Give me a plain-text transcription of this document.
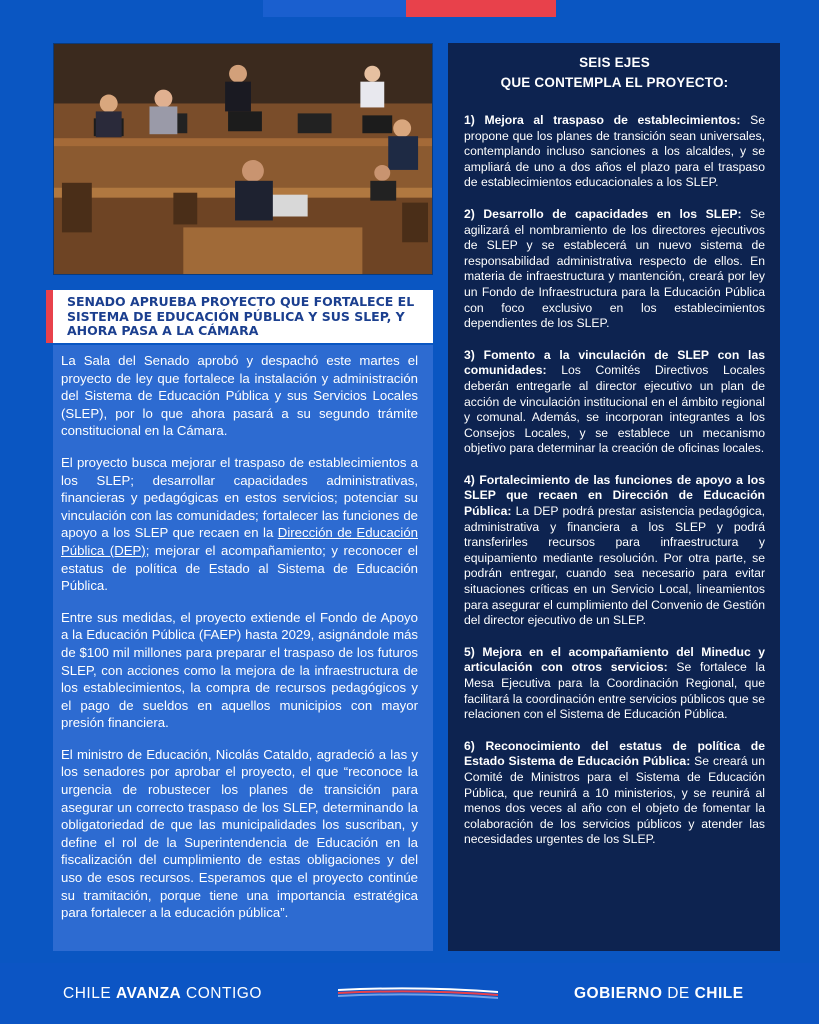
SENADO APRUEBA PROYECTO QUE FORTALECE EL SISTEMA DE EDUCACIÓN PÚBLICA Y SUS SLEP, Y AHORA PASA A LA CÁMARA

La Sala del Senado aprobó y despachó este martes el proyecto de ley que fortalece la instalación y administración del Sistema de Educación Pública y sus Servicios Locales (SLEP), por lo que ahora pasará a su segundo trámite constitucional en la Cámara.

El proyecto busca mejorar el traspaso de establecimientos a los SLEP; desarrollar capacidades administrativas, financieras y pedagógicas en estos servicios; potenciar su vinculación con las comunidades; fortalecer las funciones de apoyo a los SLEP que recaen en la Dirección de Educación Pública (DEP); mejorar el acompañamiento; y reconocer el estatus de política de Estado al Sistema de Educación Pública.

Entre sus medidas, el proyecto extiende el Fondo de Apoyo a la Educación Pública (FAEP) hasta 2029, asignándole más de $100 mil millones para preparar el traspaso de los futuros SLEP, con acciones como la mejora de la infraestructura de los establecimientos, la compra de recursos pedagógicos y el pago de sueldos en aquellos municipios con mayor presión financiera.

El ministro de Educación, Nicolás Cataldo, agradeció a las y los senadores por aprobar el proyecto, el que “reconoce la urgencia de robustecer los planes de transición para asegurar un correcto traspaso de los SLEP, determinando la obligatoriedad de que las municipalidades los suscriban, y define el rol de la Superintendencia de Educación en la fiscalización del cumplimiento de estas obligaciones y del uso de esos recursos. Esperamos que el proyecto continúe su tramitación, porque tiene una importancia estratégica para fortalecer a la educación pública”.

SEIS EJES
QUE CONTEMPLA EL PROYECTO:

1) Mejora al traspaso de establecimientos: Se propone que los planes de transición sean universales, contemplando incluso sanciones a los alcaldes, y se ampliará de uno a dos años el plazo para el traspaso de establecimientos educacionales a los SLEP.

2) Desarrollo de capacidades en los SLEP: Se agilizará el nombramiento de los directores ejecutivos de SLEP y se establecerá un nuevo sistema de responsabilidad administrativa respecto de ellos. En materia de infraestructura y mantención, creará por ley un Fondo de Infraestructura para la Educación Pública con foco exclusivo en los establecimientos dependientes de los SLEP.

3) Fomento a la vinculación de SLEP con las comunidades: Los Comités Directivos Locales deberán entregarle al director ejecutivo un plan de acción de vinculación institucional en el ámbito regional y comunal. Además, se incorporan integrantes a los Consejos Locales, y se establece un mecanismo objetivo para determinar la creación de oficinas locales.

4) Fortalecimiento de las funciones de apoyo a los SLEP que recaen en Dirección de Educación Pública: La DEP podrá prestar asistencia pedagógica, administrativa y financiera a los SLEP y podrá transferirles recursos para infraestructura y equipamiento mediante resolución. Por otra parte, se podrán entregar, cuando sea necesario para evitar situaciones críticas en un Servicio Local, lineamientos para asegurar el cumplimiento del Convenio de Gestión del director ejecutivo de un SLEP.

5) Mejora en el acompañamiento del Mineduc y articulación con otros servicios: Se fortalece la Mesa Ejecutiva para la Coordinación Regional, que facilitará la coordinación entre servicios públicos que se relacionen con el Sistema de Educación Pública.

6) Reconocimiento del estatus de política de Estado Sistema de Educación Pública: Se creará un Comité de Ministros para el Sistema de Educación Pública, que reunirá a 10 ministerios, y se reunirá al menos dos veces al año con el objeto de fomentar la colaboración de los servicios públicos y atender las necesidades urgentes de los SLEP.

CHILE AVANZA CONTIGO	GOBIERNO DE CHILE
